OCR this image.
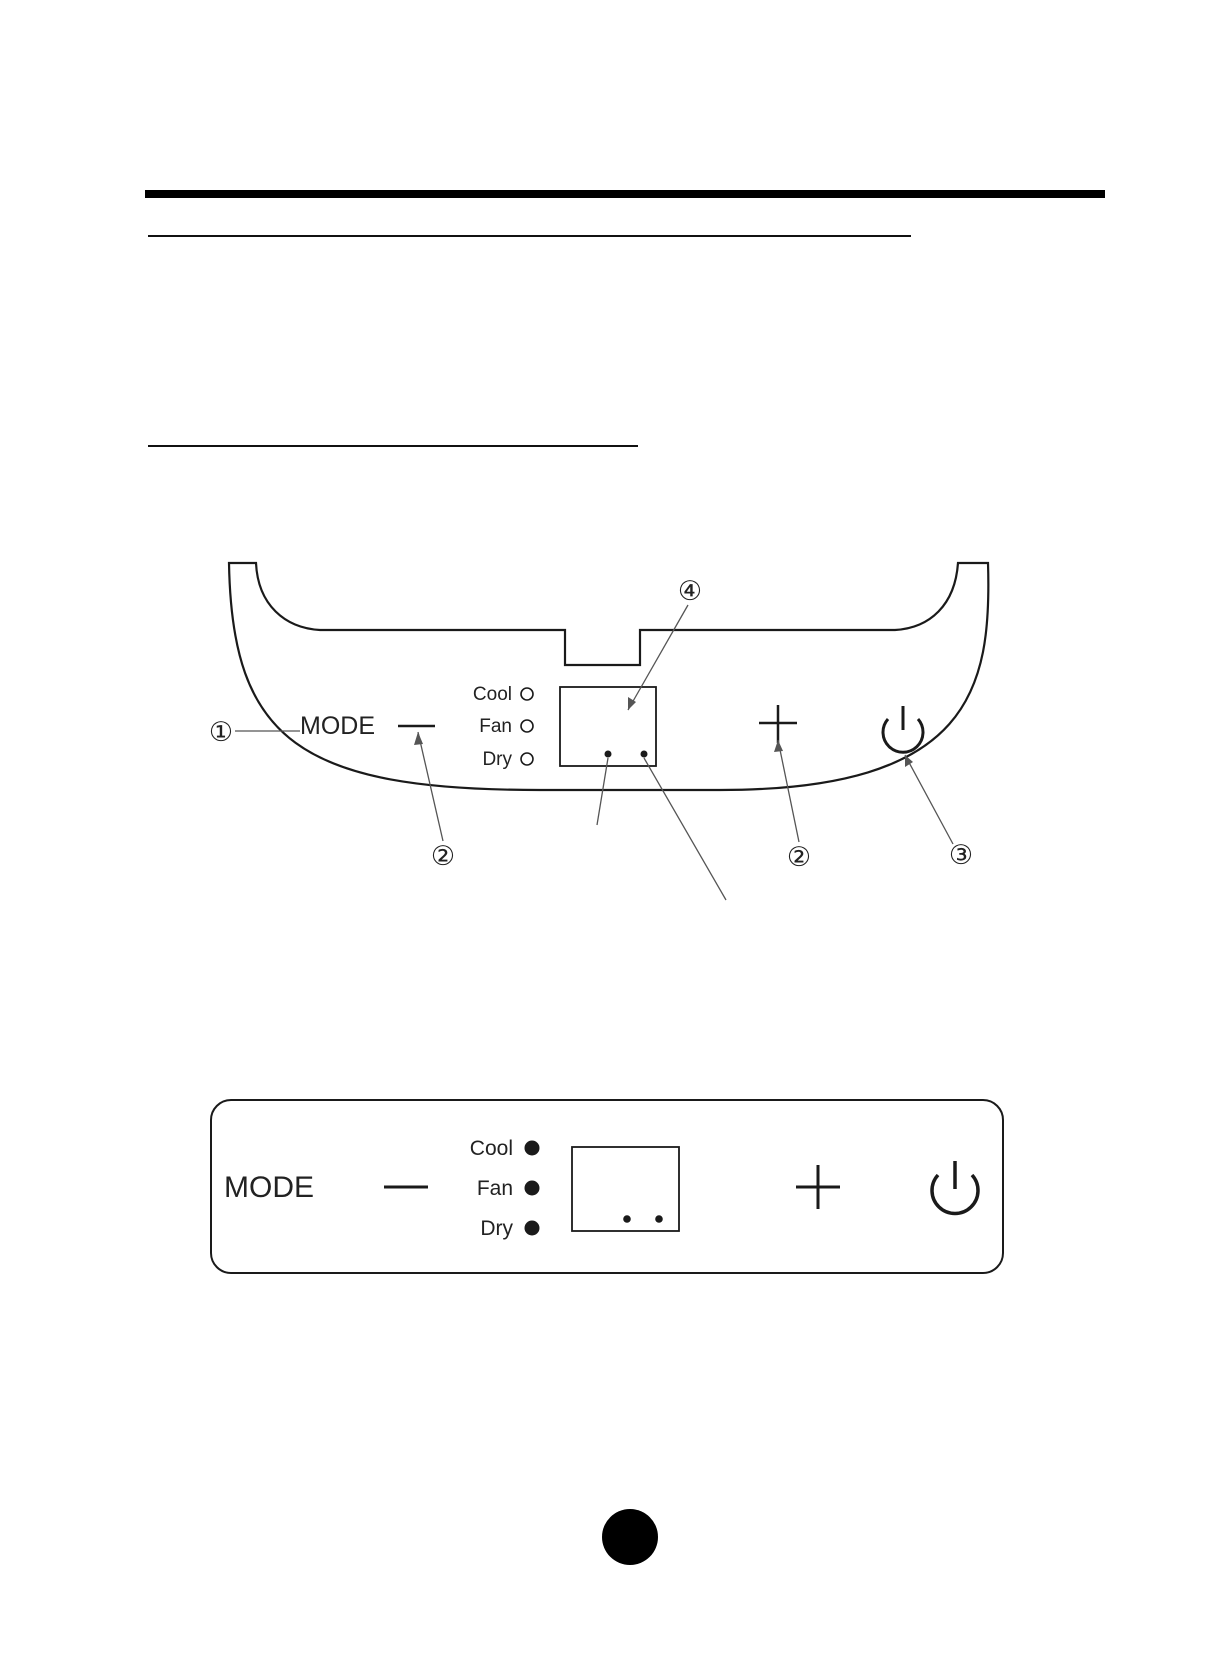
MODE
Cool
Fan
Dry
①
②
④
②	③
MODE
Cool
Fan
Dry
